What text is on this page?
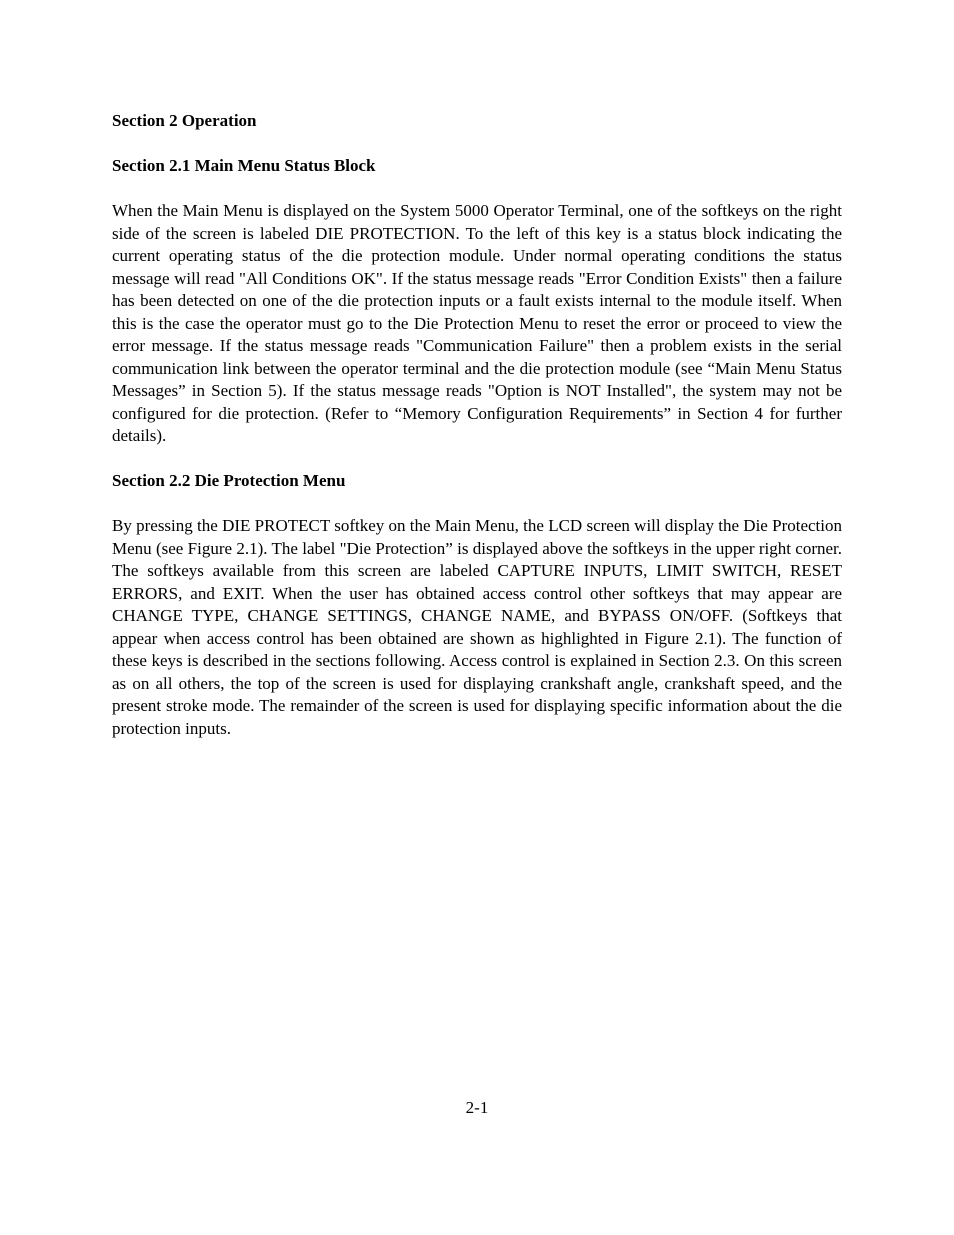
Section 2 Operation
Section 2.1 Main Menu Status Block
When the Main Menu is displayed on the System 5000 Operator Terminal, one of the softkeys on the right side of the screen is labeled DIE PROTECTION. To the left of this key is a status block indicating the current operating status of the die protection module. Under normal operating conditions the status message will read "All Conditions OK". If the status message reads "Error Condition Exists" then a failure has been detected on one of the die protection inputs or a fault exists internal to the module itself. When this is the case the operator must go to the Die Protection Menu to reset the error or proceed to view the error message. If the status message reads "Communication Failure" then a problem exists in the serial communication link between the operator terminal and the die protection module (see “Main Menu Status Messages” in Section 5). If the status message reads "Option is NOT Installed", the system may not be configured for die protection. (Refer to “Memory Configuration Requirements” in Section 4 for further details).
Section 2.2 Die Protection Menu
By pressing the DIE PROTECT softkey on the Main Menu, the LCD screen will display the Die Protection Menu (see Figure 2.1). The label "Die Protection” is displayed above the softkeys in the upper right corner. The softkeys available from this screen are labeled CAPTURE INPUTS, LIMIT SWITCH, RESET ERRORS, and EXIT. When the user has obtained access control other softkeys that may appear are CHANGE TYPE, CHANGE SETTINGS, CHANGE NAME, and BYPASS ON/OFF. (Softkeys that appear when access control has been obtained are shown as highlighted in Figure 2.1). The function of these keys is described in the sections following. Access control is explained in Section 2.3. On this screen as on all others, the top of the screen is used for displaying crankshaft angle, crankshaft speed, and the present stroke mode. The remainder of the screen is used for displaying specific information about the die protection inputs.
2-1
